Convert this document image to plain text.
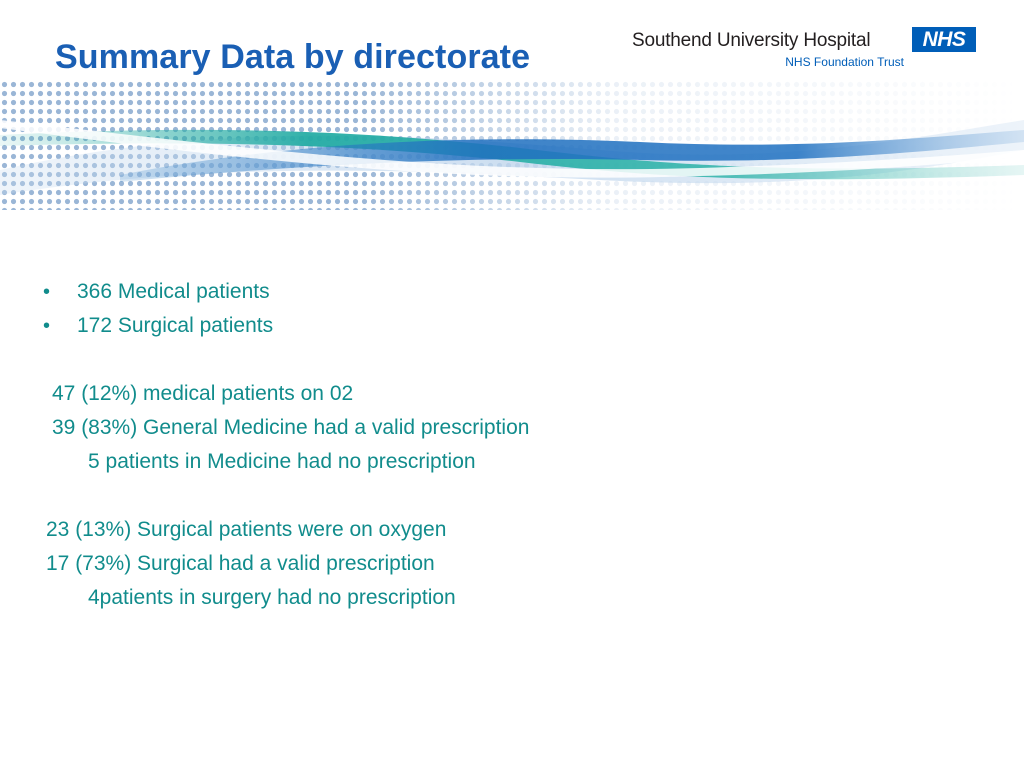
Summary Data by directorate	Southend University Hospital	NHS
NHS Foundation Trust
• 366 Medical patients
• 172 Surgical patients
47 (12%) medical patients on 02
39 (83%) General Medicine had a valid prescription
5 patients in Medicine had no prescription
23 (13%) Surgical patients were on oxygen
17 (73%) Surgical had a valid prescription
4patients in surgery had no prescription
